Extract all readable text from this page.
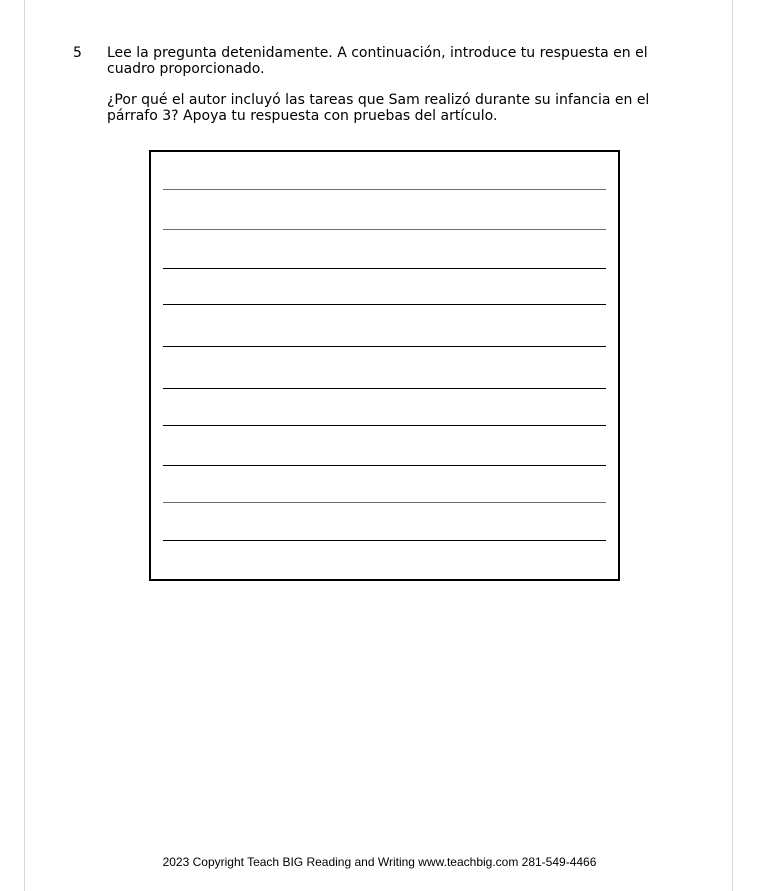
5 Lee la pregunta detenidamente. A continuación, introduce tu respuesta en el cuadro proporcionado.
¿Por qué el autor incluyó las tareas que Sam realizó durante su infancia en el párrafo 3? Apoya tu respuesta con pruebas del artículo.
2023 Copyright Teach BIG Reading and Writing www.teachbig.com 281-549-4466
